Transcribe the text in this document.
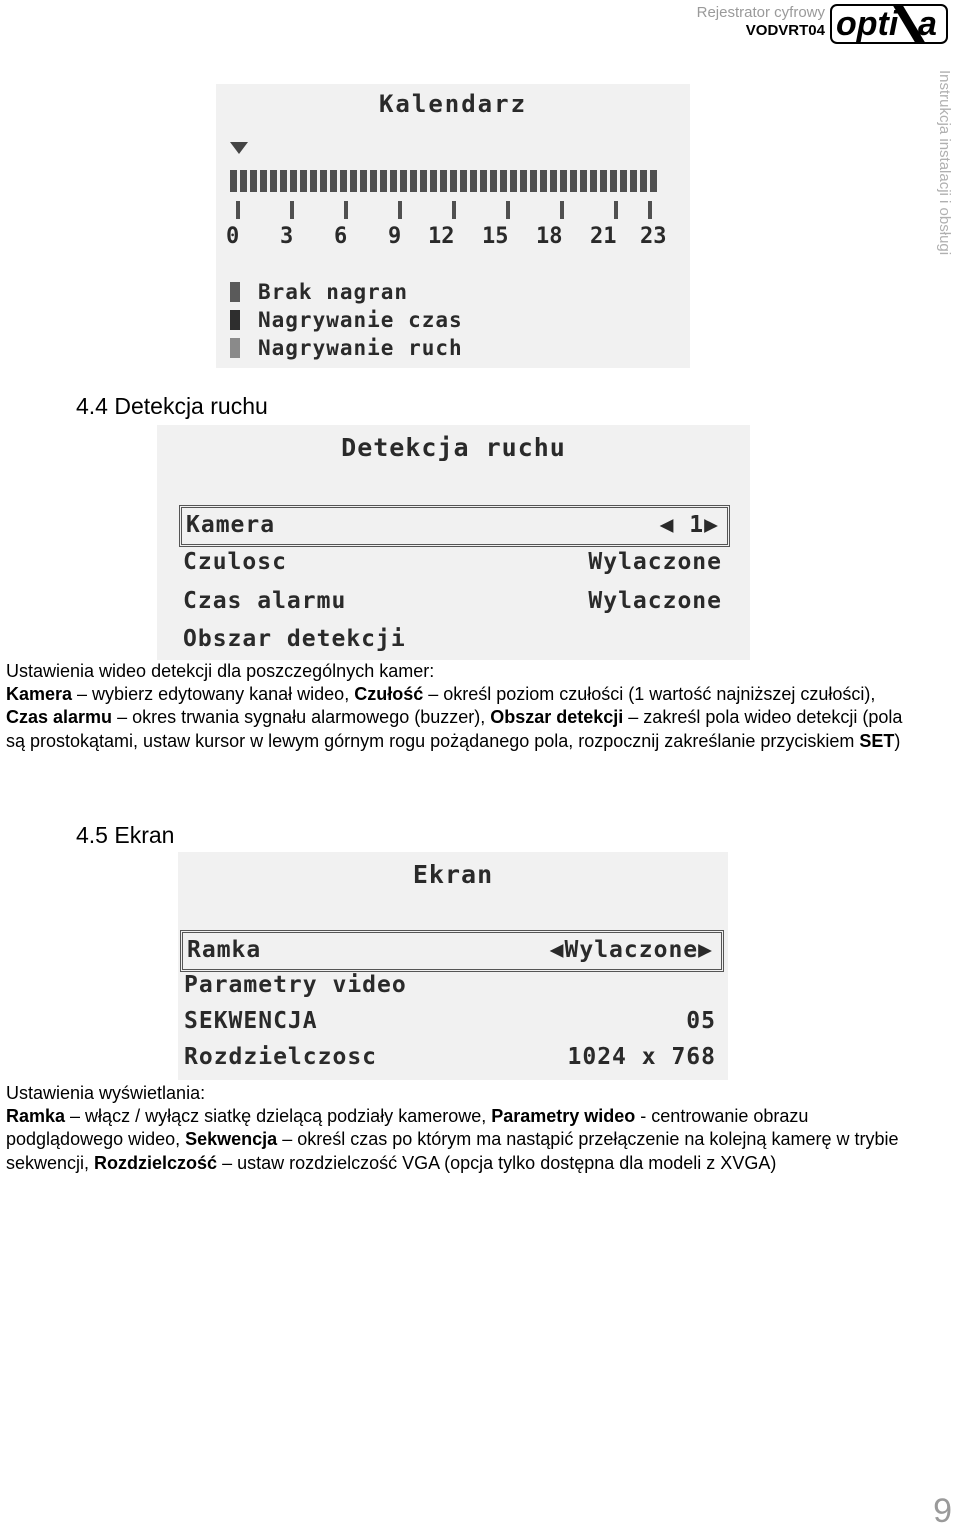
Rejestrator cyfrowy
VODVRT04 opti a
Instrukcja instalacji i obsługi
Kalendarz
0 3 6 9 12 15 18 21 23
Brak nagran
Nagrywanie czas
Nagrywanie ruch
4.4 Detekcja ruchu
Detekcja ruchu
Kamera	◀ 1▶
Czulosc	Wylaczone
Czas alarmu	Wylaczone
Obszar detekcji
Ustawienia wideo detekcji dla poszczególnych kamer:
Kamera – wybierz edytowany kanał wideo, Czułość – określ poziom czułości (1 wartość najniższej czułości), Czas alarmu – okres trwania sygnału alarmowego (buzzer), Obszar detekcji – zakreśl pola wideo detekcji (pola są prostokątami, ustaw kursor w lewym górnym rogu pożądanego pola, rozpocznij zakreślanie przyciskiem SET)
4.5 Ekran
Ekran
Ramka	◀Wylaczone▶
Parametry video
SEKWENCJA	05
Rozdzielczosc	1024 x 768
Ustawienia wyświetlania:
Ramka – włącz / wyłącz siatkę dzielącą podziały kamerowe, Parametry wideo - centrowanie obrazu podglądowego wideo, Sekwencja – określ czas po którym ma nastąpić przełączenie na kolejną kamerę w trybie sekwencji, Rozdzielczość – ustaw rozdzielczość VGA (opcja tylko dostępna dla modeli z XVGA)
9
